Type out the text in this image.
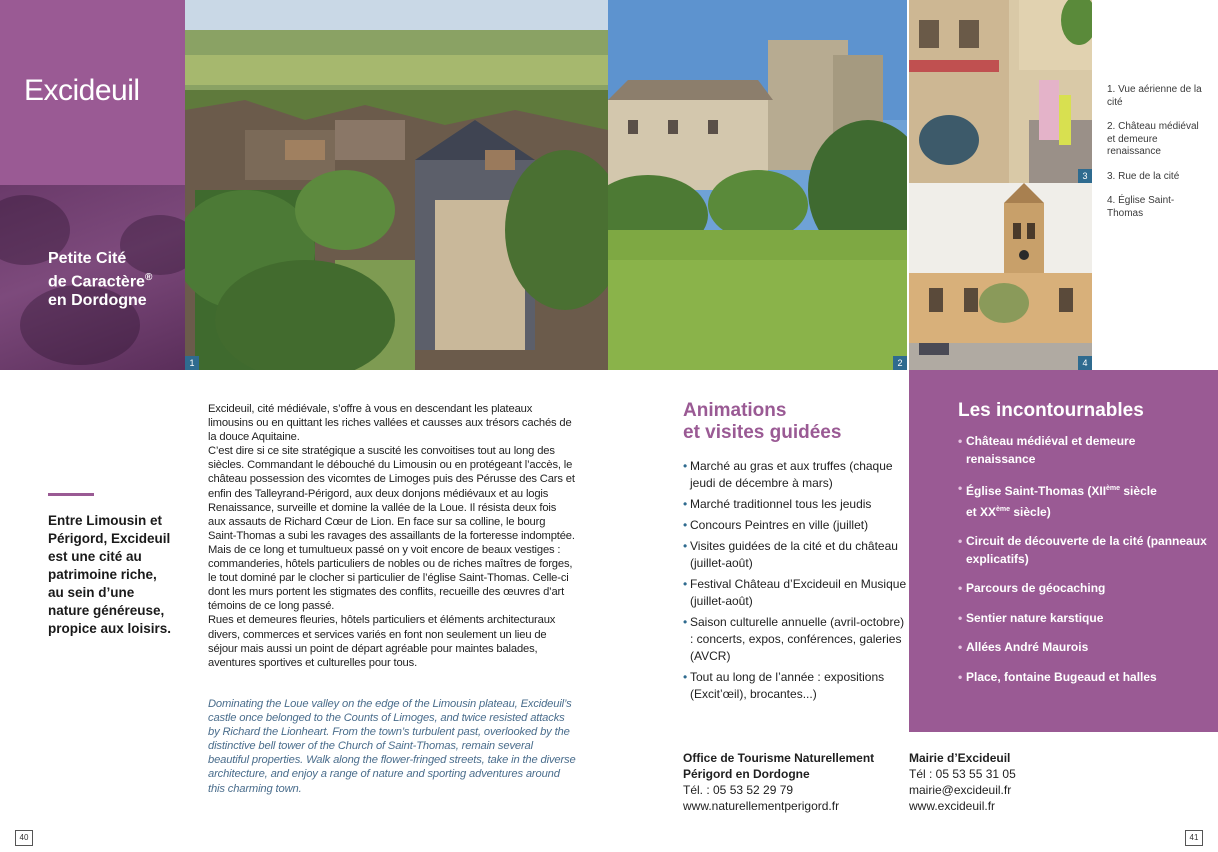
Excideuil
Petite Cité
de Caractère®
en Dordogne
1	2
3
4

1. Vue aérienne de la cité

2. Château médiéval et demeure renaissance

3. Rue de la cité

4. Église Saint-Thomas

Entre Limousin et Périgord, Excideuil est une cité au patrimoine riche, au sein d’une nature généreuse, propice aux loisirs.

Excideuil, cité médiévale, s’offre à vous en descendant les plateaux limousins ou en quittant les riches vallées et causses aux trésors cachés de la douce Aquitaine.

C’est dire si ce site stratégique a suscité les convoitises tout au long des siècles. Commandant le débouché du Limousin ou en protégeant l’accès, le château possession des vicomtes de Limoges puis des Pérusse des Cars et enfin des Talleyrand-Périgord, aux deux donjons médiévaux et au logis Renaissance, surveille et domine la vallée de la Loue. Il résista deux fois aux assauts de Richard Cœur de Lion. En face sur sa colline, le bourg Saint-Thomas a subi les ravages des assaillants de la forteresse indomptée.

Mais de ce long et tumultueux passé on y voit encore de beaux vestiges : commanderies, hôtels particuliers de nobles ou de riches maîtres de forges, le tout dominé par le clocher si particulier de l’église Saint-Thomas. Celle-ci dont les murs portent les stigmates des conflits, recueille des œuvres d’art témoins de ce long passé.

Rues et demeures fleuries, hôtels particuliers et éléments architecturaux divers, commerces et services variés en font non seulement un lieu de séjour mais aussi un point de départ agréable pour maintes balades, aventures sportives et culturelles pour tous.

Dominating the Loue valley on the edge of the Limousin plateau, Excideuil’s castle once belonged to the Counts of Limoges, and twice resisted attacks by Richard the Lionheart. From the town’s turbulent past, overlooked by the distinctive bell tower of the Church of Saint-Thomas, remain several beautiful properties. Walk along the flower-fringed streets, take in the diverse architecture, and enjoy a range of nature and sporting adventures around this charming town.
Animations
et visites guidées
• Marché au gras et aux truffes (chaque jeudi de décembre à mars)
• Marché traditionnel tous les jeudis
• Concours Peintres en ville (juillet)
• Visites guidées de la cité et du château (juillet-août)
• Festival Château d’Excideuil en Musique (juillet-août)
• Saison culturelle annuelle (avril-octobre) : concerts, expos, conférences, galeries (AVCR)
• Tout au long de l’année : expositions (Excit’œil), brocantes...)
Les incontournables
• Château médiéval et demeure renaissance
• Église Saint-Thomas (XIIème siècle
et XXème siècle)
• Circuit de découverte de la cité (panneaux explicatifs)
• Parcours de géocaching
• Sentier nature karstique
• Allées André Maurois
• Place, fontaine Bugeaud et halles
Office de Tourisme Naturellement
Périgord en Dordogne
Tél. : 05 53 52 29 79
www.naturellementperigord.fr
Mairie d’Excideuil
Tél : 05 53 55 31 05
mairie@excideuil.fr
www.excideuil.fr
40	41
